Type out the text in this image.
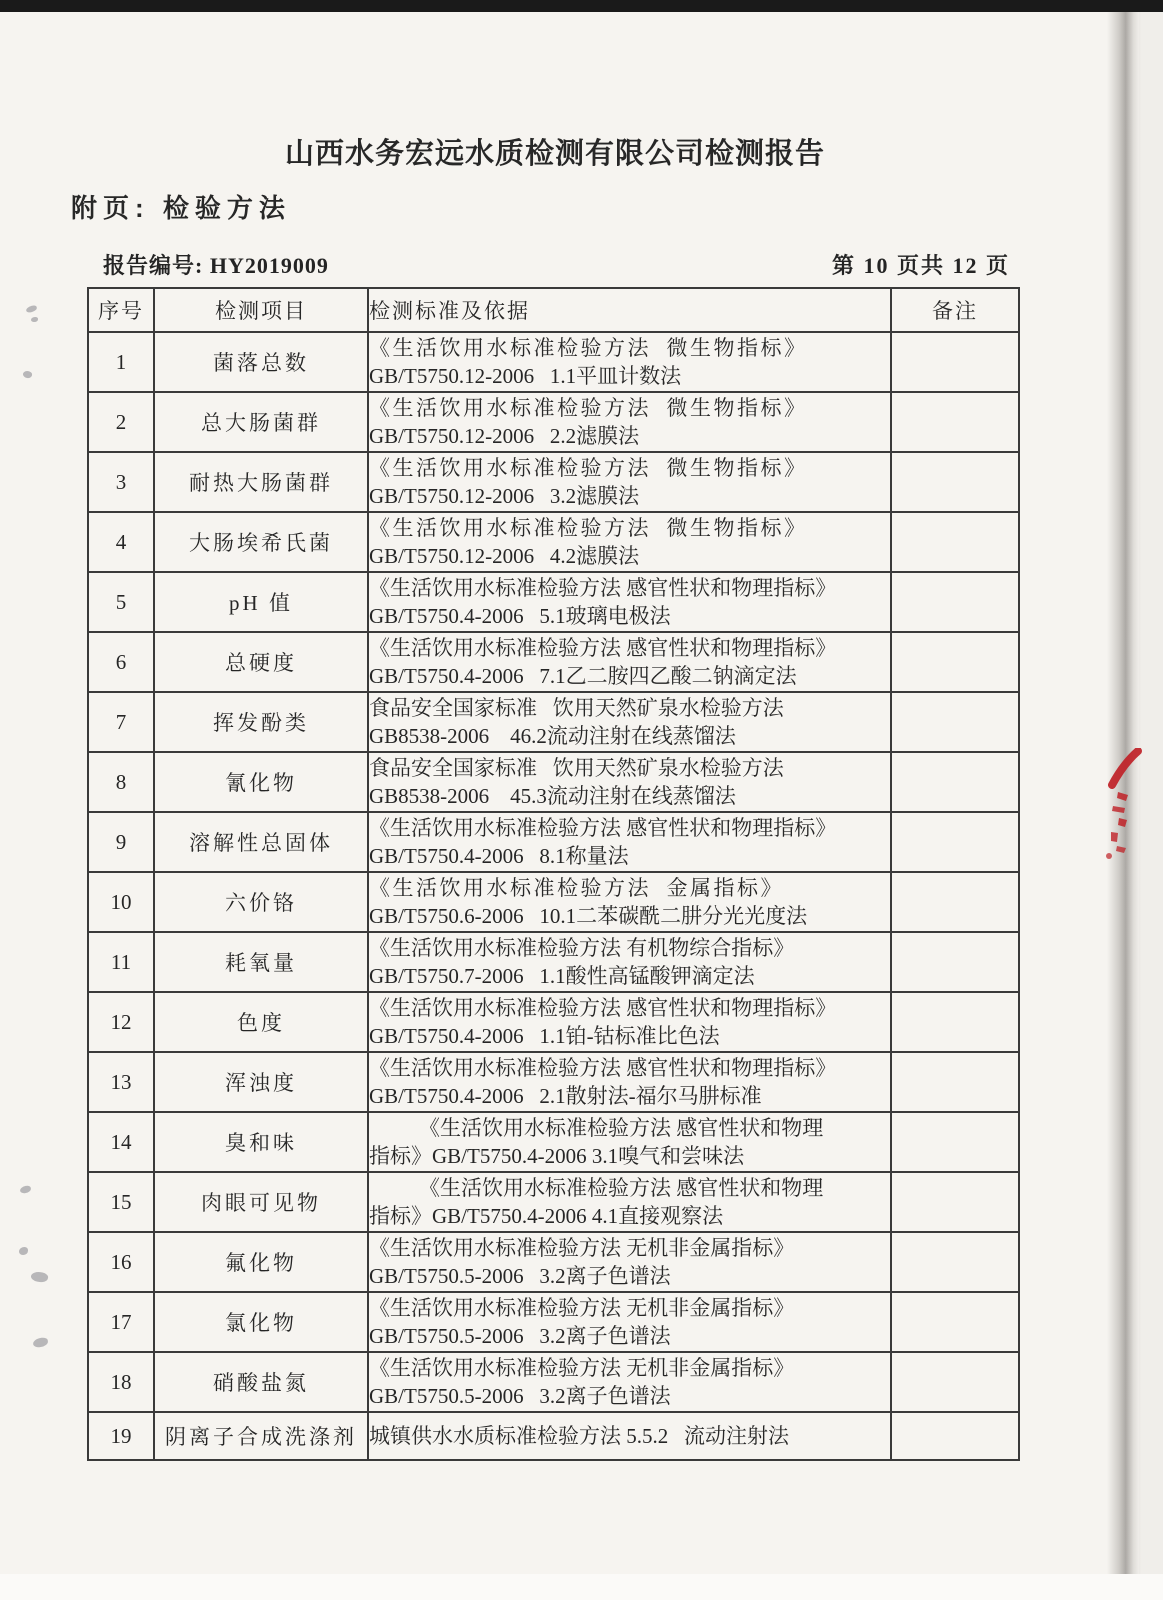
山西水务宏远水质检测有限公司检测报告
附页: 检验方法
报告编号: HY2019009	第 10 页共 12 页
序号	检测项目	检测标准及依据	备注
1	菌落总数	《生活饮用水标准检验方法  微生物指标》
GB/T5750.12-2006   1.1平皿计数法	

2	总大肠菌群	《生活饮用水标准检验方法  微生物指标》
GB/T5750.12-2006   2.2滤膜法	

3	耐热大肠菌群	《生活饮用水标准检验方法  微生物指标》
GB/T5750.12-2006   3.2滤膜法	

4	大肠埃希氏菌	《生活饮用水标准检验方法  微生物指标》
GB/T5750.12-2006   4.2滤膜法	

5	pH 值	《生活饮用水标准检验方法 感官性状和物理指标》
GB/T5750.4-2006   5.1玻璃电极法	

6	总硬度	《生活饮用水标准检验方法 感官性状和物理指标》
GB/T5750.4-2006   7.1乙二胺四乙酸二钠滴定法	

7	挥发酚类	食品安全国家标准   饮用天然矿泉水检验方法
GB8538-2006    46.2流动注射在线蒸馏法	

8	氰化物	食品安全国家标准   饮用天然矿泉水检验方法
GB8538-2006    45.3流动注射在线蒸馏法	

9	溶解性总固体	《生活饮用水标准检验方法 感官性状和物理指标》
GB/T5750.4-2006   8.1称量法	

10	六价铬	《生活饮用水标准检验方法  金属指标》
GB/T5750.6-2006   10.1二苯碳酰二肼分光光度法	

11	耗氧量	《生活饮用水标准检验方法 有机物综合指标》
GB/T5750.7-2006   1.1酸性高锰酸钾滴定法	

12	色度	《生活饮用水标准检验方法 感官性状和物理指标》
GB/T5750.4-2006   1.1铂-钴标准比色法	

13	浑浊度	《生活饮用水标准检验方法 感官性状和物理指标》
GB/T5750.4-2006   2.1散射法-福尔马肼标准	

14	臭和味	《生活饮用水标准检验方法 感官性状和物理
指标》GB/T5750.4-2006 3.1嗅气和尝味法	

15	肉眼可见物	《生活饮用水标准检验方法 感官性状和物理
指标》GB/T5750.4-2006 4.1直接观察法	

16	氟化物	《生活饮用水标准检验方法 无机非金属指标》
GB/T5750.5-2006   3.2离子色谱法	

17	氯化物	《生活饮用水标准检验方法 无机非金属指标》
GB/T5750.5-2006   3.2离子色谱法	

18	硝酸盐氮	《生活饮用水标准检验方法 无机非金属指标》
GB/T5750.5-2006   3.2离子色谱法	

19	阴离子合成洗涤剂	城镇供水水质标准检验方法 5.5.2   流动注射法	
